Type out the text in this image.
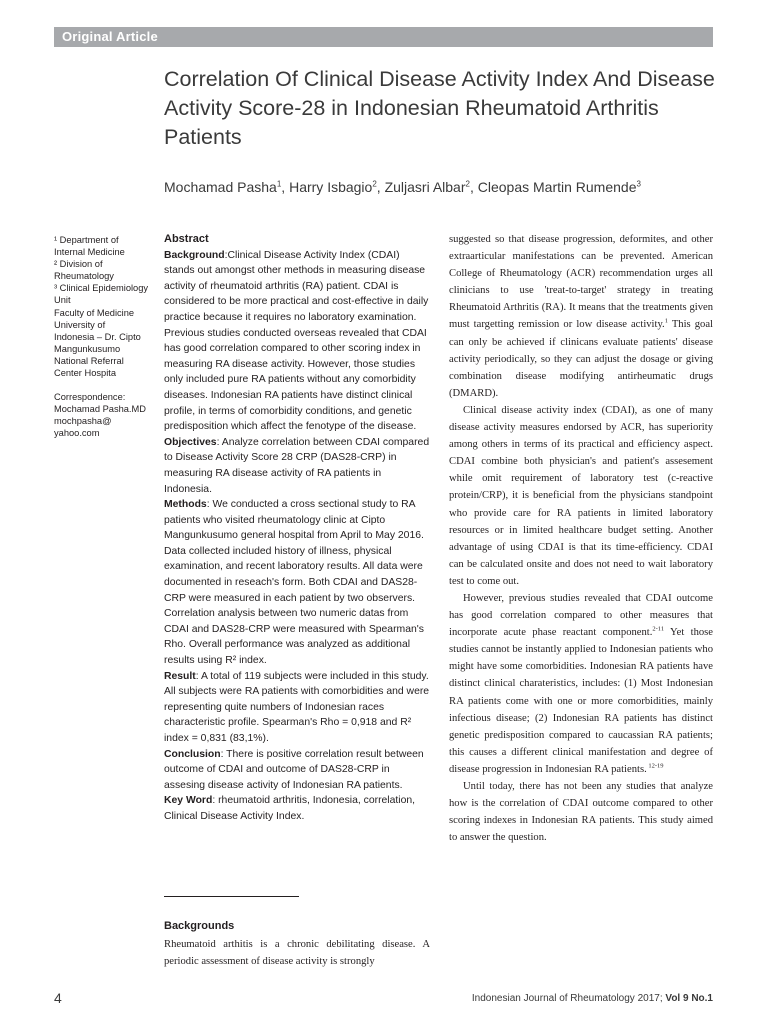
Original Article
Correlation Of Clinical Disease Activity Index And Disease Activity Score-28 in Indonesian Rheumatoid Arthritis Patients
Mochamad Pasha$^1$, Harry Isbagio$^2$, Zuljasri Albar$^2$, Cleopas Martin Rumende$^3$

¹ Department of

Internal Medicine

² Division of

Rheumatology

³ Clinical Epidemiology

Unit

Faculty of Medicine

University of

Indonesia – Dr. Cipto

Mangunkusumo

National Referral

Center Hospita

Correspondence:

Mochamad Pasha.MD

mochpasha@

yahoo.com

Abstract

Background:Clinical Disease Activity Index (CDAI) stands out amongst other methods in measuring disease activity of rheumatoid arthritis (RA) patient. CDAI is considered to be more practical and cost-effective in daily practice because it requires no laboratory examination. Previous studies conducted overseas revealed that CDAI has good correlation compared to other scoring index in measuring RA disease activity. However, those studies only included pure RA patients without any comorbidity diseases. Indonesian RA patients have distinct clinical profile, in terms of comorbidity conditions, and genetic predisposition which affect the fenotype of the disease.

Objectives: Analyze correlation between CDAI compared to Disease Activity Score 28 CRP (DAS28-CRP) in measuring RA disease activity of RA patients in Indonesia.

Methods: We conducted a cross sectional study to RA patients who visited rheumatology clinic at Cipto Mangunkusumo general hospital from April to May 2016. Data collected included history of illness, physical examination, and recent laboratory results. All data were documented in reseach's form. Both CDAI and DAS28-CRP were measured in each patient by two observers. Correlation analysis between two numeric datas from CDAI and DAS28-CRP were measured with Spearman's Rho. Overall performance was analyzed as additional results using R² index.

Result: A total of 119 subjects were included in this study. All subjects were RA patients with comorbidities and were representing quite numbers of Indonesian races characteristic profile. Spearman's Rho = 0,918 and R² index = 0,831 (83,1%).

Conclusion: There is positive correlation result between outcome of CDAI and outcome of DAS28-CRP in assesing disease activity of Indonesian RA patients.

Key Word: rheumatoid arthritis, Indonesia, correlation, Clinical Disease Activity Index.

Backgrounds
Rheumatoid arthitis is a chronic debilitating disease. A periodic assessment of disease activity is strongly

suggested so that disease progression, deformites, and other extraarticular manifestations can be prevented. American College of Rheumatology (ACR) recommendation urges all clinicians to use 'treat-to-target' strategy in treating Rheumatoid Arthritis (RA). It means that the treatments given must targetting remission or low disease activity.$^1$ This goal can only be achieved if clinicans evaluate patients' disease activity periodically, so they can adjust the dosage or giving combination disease modifying antirheumatic drugs (DMARD).

Clinical disease activity index (CDAI), as one of many disease activity measures endorsed by ACR, has superiority among others in terms of its practical and efficiency aspect. CDAI combine both physician's and patient's assesement while omit requirement of laboratory test (c-reactive protein/CRP), it is beneficial from the physicians standpoint who provide care for RA patients in limited laboratory resources or in limited healthcare budget setting. Another advantage of using CDAI is that its time-efficiency. CDAI can be calculated onsite and does not need to wait laboratory test to come out.

However, previous studies revealed that CDAI outcome has good correlation compared to other measures that incorporate acute phase reactant component.$^{2-11}$ Yet those studies cannot be instantly applied to Indonesian patients who might have some comorbidities. Indonesian RA patients have distinct clinical charateristics, includes: (1) Most Indonesian RA patients come with one or more comorbidities, mainly infectious disease; (2) Indonesian RA patients has distinct genetic predisposition compared to caucassian RA patients; this causes a different clinical manifestation and degree of disease progression in Indonesian RA patients. $^{12-19}$

Until today, there has not been any studies that analyze how is the correlation of CDAI outcome compared to other scoring indexes in Indonesian RA patients. This study aimed to answer the question.

4	Indonesian Journal of Rheumatology 2017; Vol 9 No.1
